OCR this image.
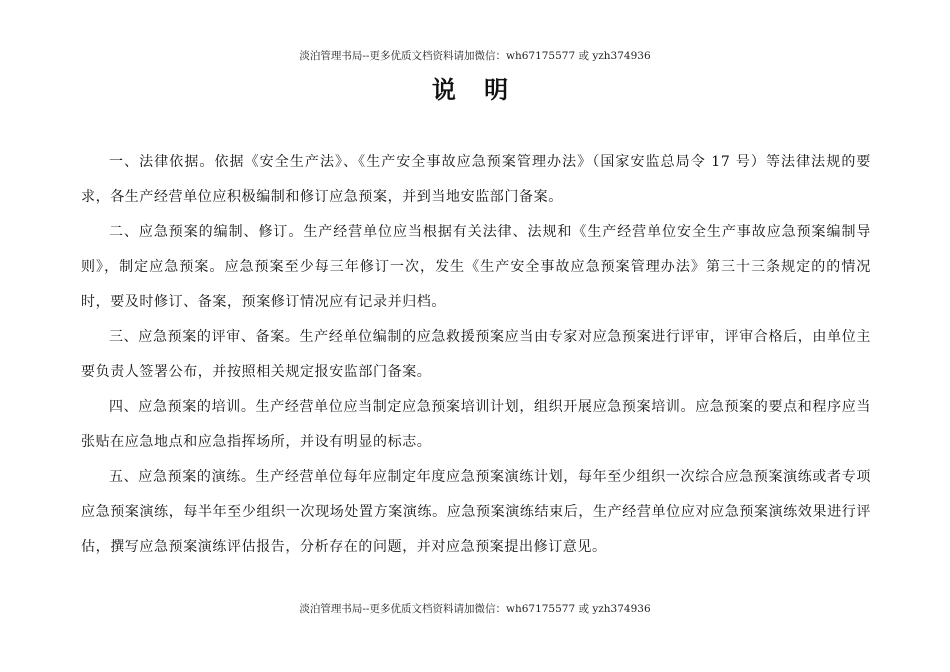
淡泊管理书局--更多优质文档资料请加微信：wh67175577 或 yzh374936
说 明

一、法律依据。依据《安全生产法》、《生产安全事故应急预案管理办法》（国家安监总局令 17 号）等法律法规的要求，各生产经营单位应积极编制和修订应急预案，并到当地安监部门备案。

二、应急预案的编制、修订。生产经营单位应当根据有关法律、法规和《生产经营单位安全生产事故应急预案编制导则》，制定应急预案。应急预案至少每三年修订一次，发生《生产安全事故应急预案管理办法》第三十三条规定的的情况时，要及时修订、备案，预案修订情况应有记录并归档。

三、应急预案的评审、备案。生产经单位编制的应急救援预案应当由专家对应急预案进行评审，评审合格后，由单位主要负责人签署公布，并按照相关规定报安监部门备案。

四、应急预案的培训。生产经营单位应当制定应急预案培训计划，组织开展应急预案培训。应急预案的要点和程序应当张贴在应急地点和应急指挥场所，并设有明显的标志。

五、应急预案的演练。生产经营单位每年应制定年度应急预案演练计划，每年至少组织一次综合应急预案演练或者专项应急预案演练，每半年至少组织一次现场处置方案演练。应急预案演练结束后，生产经营单位应对应急预案演练效果进行评估，撰写应急预案演练评估报告，分析存在的问题，并对应急预案提出修订意见。

淡泊管理书局--更多优质文档资料请加微信：wh67175577 或 yzh374936
